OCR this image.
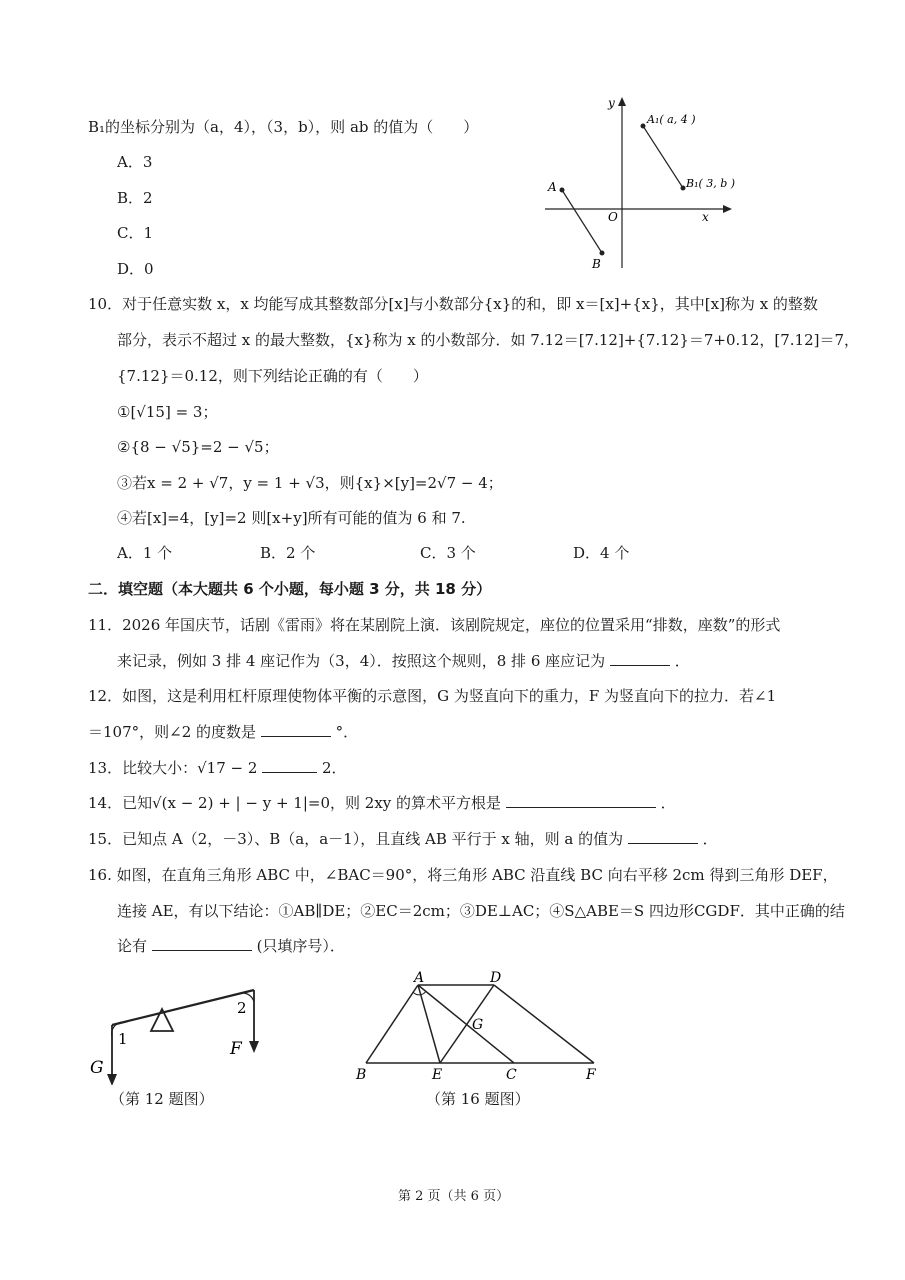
B₁的坐标分别为（a，4），（3，b），则 ab 的值为（　　）
A．3
B．2
C．1
D．0
y
x
O
A
B
A₁( a, 4 )
B₁( 3, b )
10．对于任意实数 x，x 均能写成其整数部分[x]与小数部分{x}的和，即 x＝[x]+{x}，其中[x]称为 x 的整数
部分，表示不超过 x 的最大整数，{x}称为 x 的小数部分．如 7.12＝[7.12]+{7.12}＝7+0.12，[7.12]＝7，
{7.12}＝0.12，则下列结论正确的有（　　）
①[√15] = 3；
②{8 − √5}=2 − √5；
③若x = 2 + √7，y = 1 + √3，则{x}×[y]=2√7 − 4；
④若[x]=4，[y]=2 则[x+y]所有可能的值为 6 和 7.
A．1 个	B．2 个	C．3 个	D．4 个
二．填空题（本大题共 6 个小题，每小题 3 分，共 18 分）
11．2026 年国庆节，话剧《雷雨》将在某剧院上演．该剧院规定，座位的位置采用“排数，座数”的形式
来记录，例如 3 排 4 座记作为（3，4）．按照这个规则，8 排 6 座应记为	．
12．如图，这是利用杠杆原理使物体平衡的示意图，G 为竖直向下的重力，F 为竖直向下的拉力．若∠1
＝107°，则∠2 的度数是	°．
13．比较大小：√17 − 2	2．
14．已知√(x − 2) + | − y + 1|=0，则 2xy 的算术平方根是	．
15．已知点 A（2，－3）、B（a，a－1），且直线 AB 平行于 x 轴，则 a 的值为	．
16. 如图，在直角三角形 ABC 中，∠BAC＝90°，将三角形 ABC 沿直线 BC 向右平移 2cm 得到三角形 DEF，
连接 AE，有以下结论：①AB∥DE；②EC＝2cm；③DE⊥AC；④S△ABE＝S 四边形CGDF．其中正确的结
论有	(只填序号）．
1
2
G
F
（第 12 题图）
A	D
G
B	E	C	F
（第 16 题图）
第 2 页（共 6 页）
